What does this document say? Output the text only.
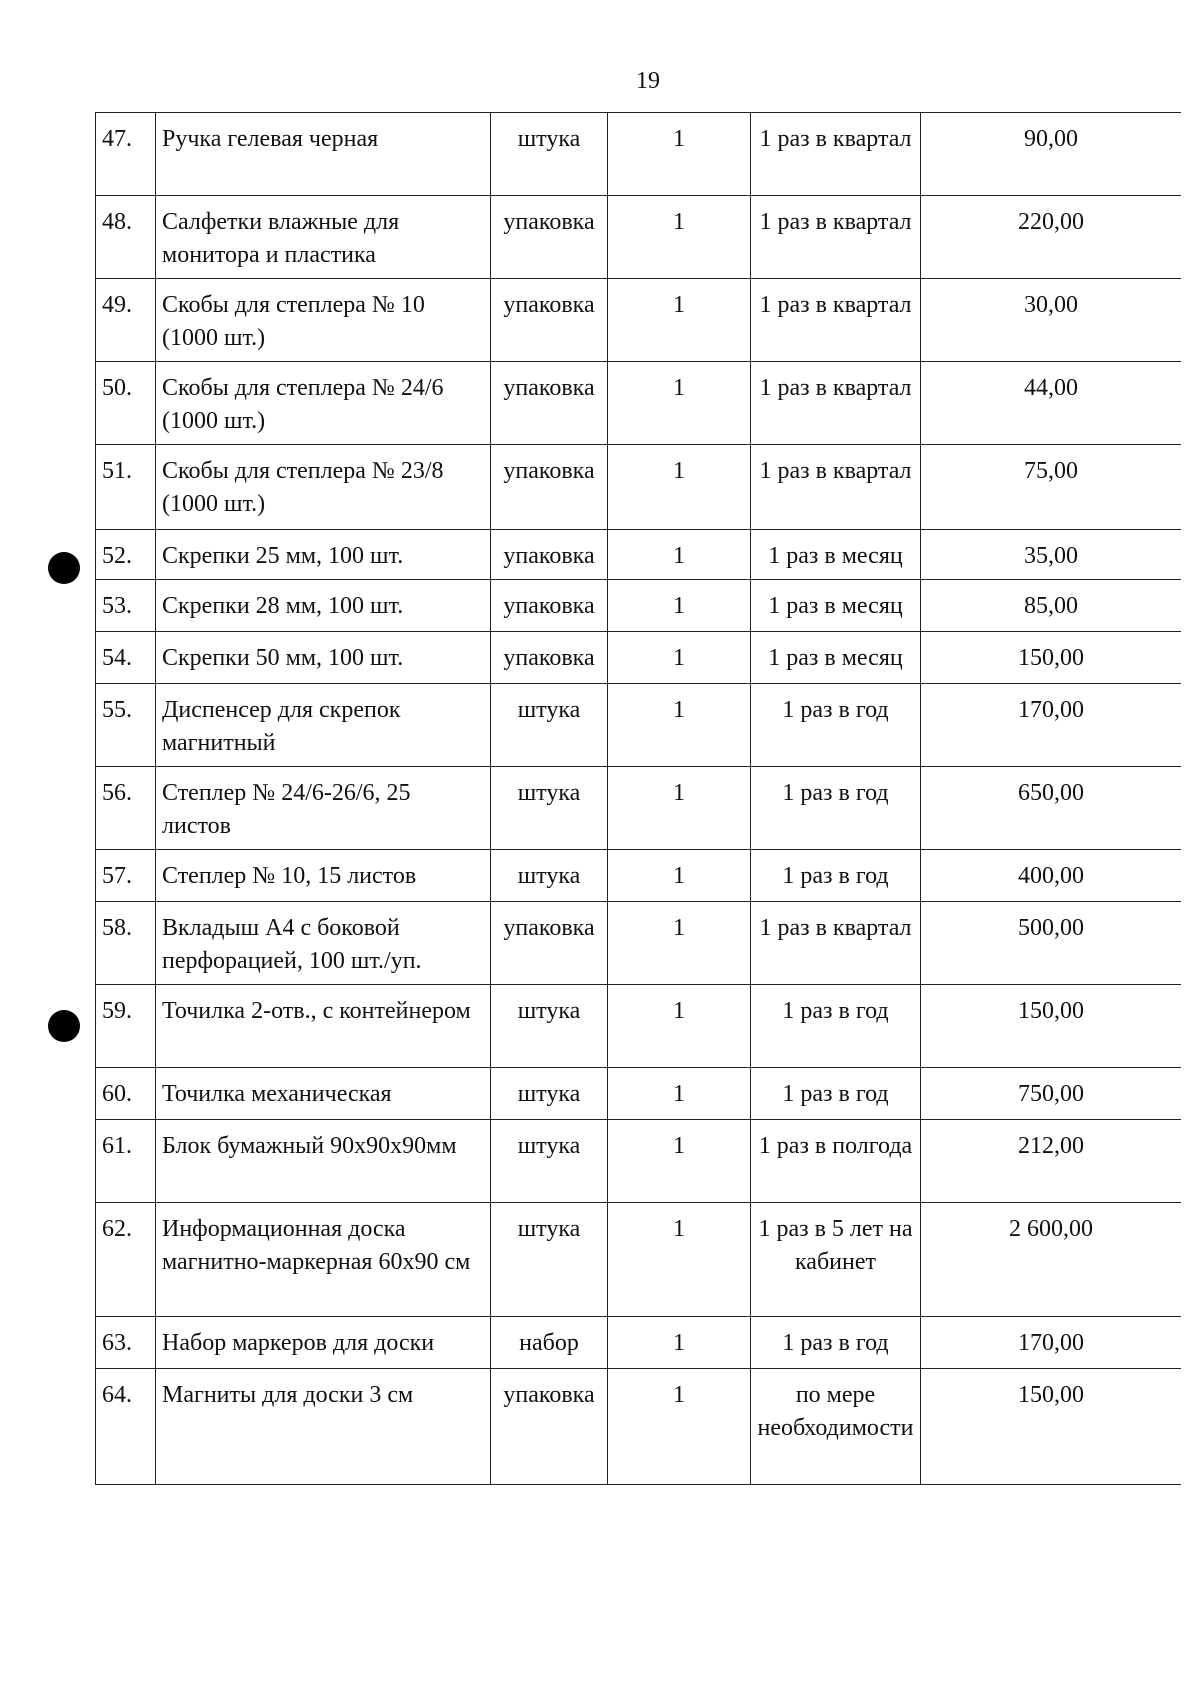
19
47.	Ручка гелевая черная	штука	1	1 раз в квартал	90,00
48.	Салфетки влажные для монитора и пластика	упаковка	1	1 раз в квартал	220,00
49.	Скобы для степлера № 10 (1000 шт.)	упаковка	1	1 раз в квартал	30,00
50.	Скобы для степлера № 24/6 (1000 шт.)	упаковка	1	1 раз в квартал	44,00
51.	Скобы для степлера № 23/8 (1000 шт.)	упаковка	1	1 раз в квартал	75,00
52.	Скрепки 25 мм, 100 шт.	упаковка	1	1 раз в месяц	35,00
53.	Скрепки 28 мм, 100 шт.	упаковка	1	1 раз в месяц	85,00
54.	Скрепки 50 мм, 100 шт.	упаковка	1	1 раз в месяц	150,00
55.	Диспенсер для скрепок магнитный	штука	1	1 раз в год	170,00
56.	Степлер № 24/6-26/6, 25 листов	штука	1	1 раз в год	650,00
57.	Степлер № 10, 15 листов	штука	1	1 раз в год	400,00
58.	Вкладыш А4 с боковой перфорацией, 100 шт./уп.	упаковка	1	1 раз в квартал	500,00
59.	Точилка 2-отв., с контейнером	штука	1	1 раз в год	150,00
60.	Точилка механическая	штука	1	1 раз в год	750,00
61.	Блок бумажный 90х90х90мм	штука	1	1 раз в полгода	212,00
62.	Информационная доска магнитно-маркерная 60х90 см	штука	1	1 раз в 5 лет на кабинет	2 600,00
63.	Набор маркеров для доски	набор	1	1 раз в год	170,00
64.	Магниты для доски 3 см	упаковка	1	по мере необходимости	150,00
